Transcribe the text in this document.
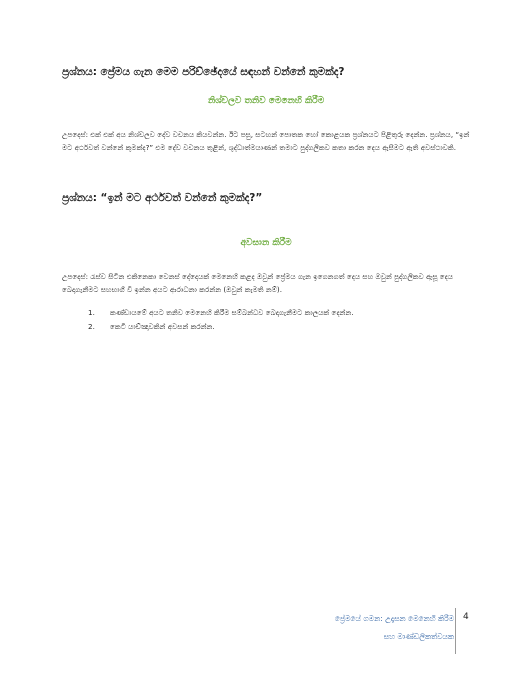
ප්‍රශ්නය: ප්‍රේමය ගැන මෙම පරිච්ඡේදයේ සඳහන් වන්නේ කුමක්ද?
නිශ්චලව තනිව මෙනෙහි කිරීම
උපදෙස්: එක් එක් අය නිශ්චලව දේව වචනය කියවන්න. ඊට පසු, සටහන් පොතක හෝ කොළයක ප්‍රශ්නයට පිළිතුරු දෙන්න. ප්‍රශ්නය, “ඉන් මට අර්ථවත් වන්නේ කුමක්ද?” එම දේව වචනය තුළින්, ශුද්ධාත්මයාණන් තමාට පුද්ගලිකව කතා කරන දෙය ඇසීමට ඇති අවස්ථාවකි.
ප්‍රශ්නය: “ඉන් මට අර්ථවත් වන්නේ කුමක්ද?”
අවසාන කිරීම
උපදෙස්: රැස්ව සිටින එකිනෙකා වෙනස් දේදෙයක් මෙනෙහි කළද ඔවුන් ප්‍රේමය ගැන ඉගෙනගත් දෙය සහ ඔවුන් පුද්ගලිකව ඇසූ දෙය බෙදාගැනීමට සහභාගී වී ඉන්න අයට ආරාධනා කරන්න (ඔවුන් කැමති නම්).
1.	කණ්ඩායමේ අයට තනිව මෙනෙහි කිරීම සම්බන්ධව බෙදාගැනීමට කාලයක් දෙන්න.
2.	කෙටි යාච්ඤාවකින් අවසන් කරන්න.
ප්‍රේමයේ ගමන: උදෑසන මෙනෙහි කිරීම
සහ මාණ්ඩලිකත්වයක
4
